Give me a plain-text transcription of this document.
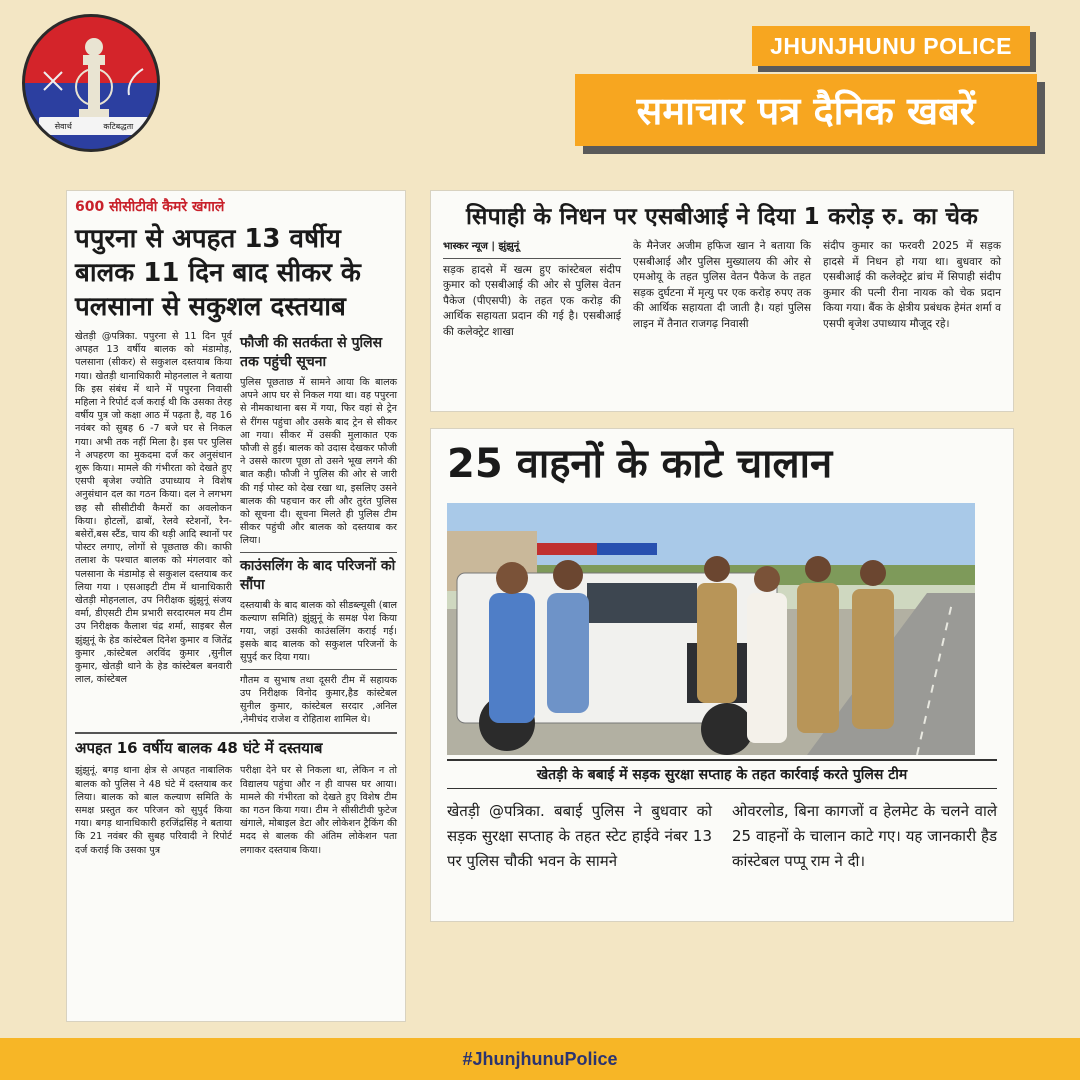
सेवार्थ	कटिबद्धता
JHUNJHUNU POLICE
समाचार पत्र दैनिक खबरें
600 सीसीटीवी कैमरे खंगाले
पपुरना से अपहत 13 वर्षीय बालक 11 दिन बाद सीकर के पलसाना से सकुशल दस्तयाब
खेतड़ी @पत्रिका. पपुरना से 11 दिन पूर्व अपहत 13 वर्षीय बालक को मंडामोड़, पलसाना (सीकर) से सकुशल दस्तयाब किया गया। खेतड़ी थानाधिकारी मोहनलाल ने बताया कि इस संबंध में थाने में पपुरना निवासी महिला ने रिपोर्ट दर्ज कराई थी कि उसका तेरह वर्षीय पुत्र जो कक्षा आठ में पढ़ता है, वह 16 नवंबर को सुबह 6 -7 बजे घर से निकल गया। अभी तक नहीं मिला है। इस पर पुलिस ने अपहरण का मुकदमा दर्ज कर अनुसंधान शुरू किया। मामले की गंभीरता को देखते हुए एसपी बृजेश ज्योति उपाध्याय ने विशेष अनुसंधान दल का गठन किया। दल ने लगभग छह सौ सीसीटीवी कैमरों का अवलोकन किया। होटलों, ढाबों, रेलवे स्टेशनों, रैन-बसेरों,बस स्टैंड, चाय की थड़ी आदि स्थानों पर पोस्टर लगाए, लोगों से पूछताछ की। काफी तलाश के पश्चात बालक को मंगलवार को पलसाना के मंडामोड़ से सकुशल दस्तयाब कर लिया गया । एसआइटी टीम में थानाधिकारी खेतड़ी मोहनलाल, उप निरीक्षक झुंझुनूं संजय वर्मा, डीएसटी टीम प्रभारी सरदारमल मय टीम उप निरीक्षक कैलाश चंद्र शर्मा, साइबर सैल झुंझुनूं के हेड कांस्टेबल दिनेश कुमार व जितेंद्र कुमार ,कांस्टेबल अरविंद कुमार ,सुनील कुमार, खेतड़ी थाने के हेड कांस्टेबल बनवारी लाल, कांस्टेबल
फौजी की सतर्कता से पुलिस तक पहुंची सूचना
पुलिस पूछताछ में सामने आया कि बालक अपने आप घर से निकल गया था। वह पपुरना से नीमकाथाना बस में गया, फिर वहां से ट्रेन से रींगस पहुंचा और उसके बाद ट्रेन से सीकर आ गया। सीकर में उसकी मुलाकात एक फौजी से हुई। बालक को उदास देखकर फौजी ने उससे कारण पूछा तो उसने भूख लगने की बात कही। फौजी ने पुलिस की ओर से जारी की गई पोस्ट को देख रखा था, इसलिए उसने बालक की पहचान कर ली और तुरंत पुलिस को सूचना दी। सूचना मिलते ही पुलिस टीम सीकर पहुंची और बालक को दस्तयाब कर लिया।
काउंसलिंग के बाद परिजनों को सौंपा
दस्तयाबी के बाद बालक को सीडब्ल्यूसी (बाल कल्याण समिति) झुंझुनूं के समक्ष पेश किया गया, जहां उसकी काउंसलिंग कराई गई। इसके बाद बालक को सकुशल परिजनों के सुपुर्द कर दिया गया।
गौतम व सुभाष तथा दूसरी टीम में सहायक उप निरीक्षक विनोद कुमार,हैड कांस्टेबल सुनील कुमार, कांस्टेबल सरदार ,अनिल ,नेमीचंद राजेश व रोहिताश शामिल थे।
अपहत 16 वर्षीय बालक 48 घंटे में दस्तयाब
झुंझुनूं. बगड़ थाना क्षेत्र से अपहत नाबालिक बालक को पुलिस ने 48 घंटे में दस्तयाब कर लिया। बालक को बाल कल्याण समिति के समक्ष प्रस्तुत कर परिजन को सुपुर्द किया गया। बगड़ थानाधिकारी हरजिंद्रसिंह ने बताया कि 21 नवंबर की सुबह परिवादी ने रिपोर्ट दर्ज कराई कि उसका पुत्र
परीक्षा देने घर से निकला था, लेकिन न तो विद्यालय पहुंचा और न ही वापस घर आया। मामले की गंभीरता को देखते हुए विशेष टीम का गठन किया गया। टीम ने सीसीटीवी फुटेज खंगाले, मोबाइल डेटा और लोकेशन ट्रैकिंग की मदद से बालक की अंतिम लोकेशन पता लगाकर दस्तयाब किया।
सिपाही के निधन पर एसबीआई ने दिया 1 करोड़ रु. का चेक
भास्कर न्यूज | झुंझुनूं
सड़क हादसे में खत्म हुए कांस्टेबल संदीप कुमार को एसबीआई की ओर से पुलिस वेतन पैकेज (पीएसपी) के तहत एक करोड़ की आर्थिक सहायता प्रदान की गई है। एसबीआई की कलेक्ट्रेट शाखा
के मैनेजर अजीम हफिज खान ने बताया कि एसबीआई और पुलिस मुख्यालय की ओर से एमओयू के तहत पुलिस वेतन पैकेज के तहत सड़क दुर्घटना में मृत्यु पर एक करोड़ रुपए तक की आर्थिक सहायता दी जाती है। यहां पुलिस लाइन में तैनात राजगढ़ निवासी
संदीप कुमार का फरवरी 2025 में सड़क हादसे में निधन हो गया था। बुधवार को एसबीआई की कलेक्ट्रेट ब्रांच में सिपाही संदीप कुमार की पत्नी रीना नायक को चेक प्रदान किया गया। बैंक के क्षेत्रीय प्रबंधक हेमंत शर्मा व एसपी बृजेश उपाध्याय मौजूद रहे।
25 वाहनों के काटे चालान
खेतड़ी के बबाई में सड़क सुरक्षा सप्ताह के तहत कार्रवाई करते पुलिस टीम
खेतड़ी @पत्रिका. बबाई पुलिस ने बुधवार को सड़क सुरक्षा सप्ताह के तहत स्टेट हाईवे नंबर 13 पर पुलिस चौकी भवन के सामने
ओवरलोड, बिना कागजों व हेलमेट के चलने वाले 25 वाहनों के चालान काटे गए। यह जानकारी हैड कांस्टेबल पप्पू राम ने दी।
#JhunjhunuPolice
